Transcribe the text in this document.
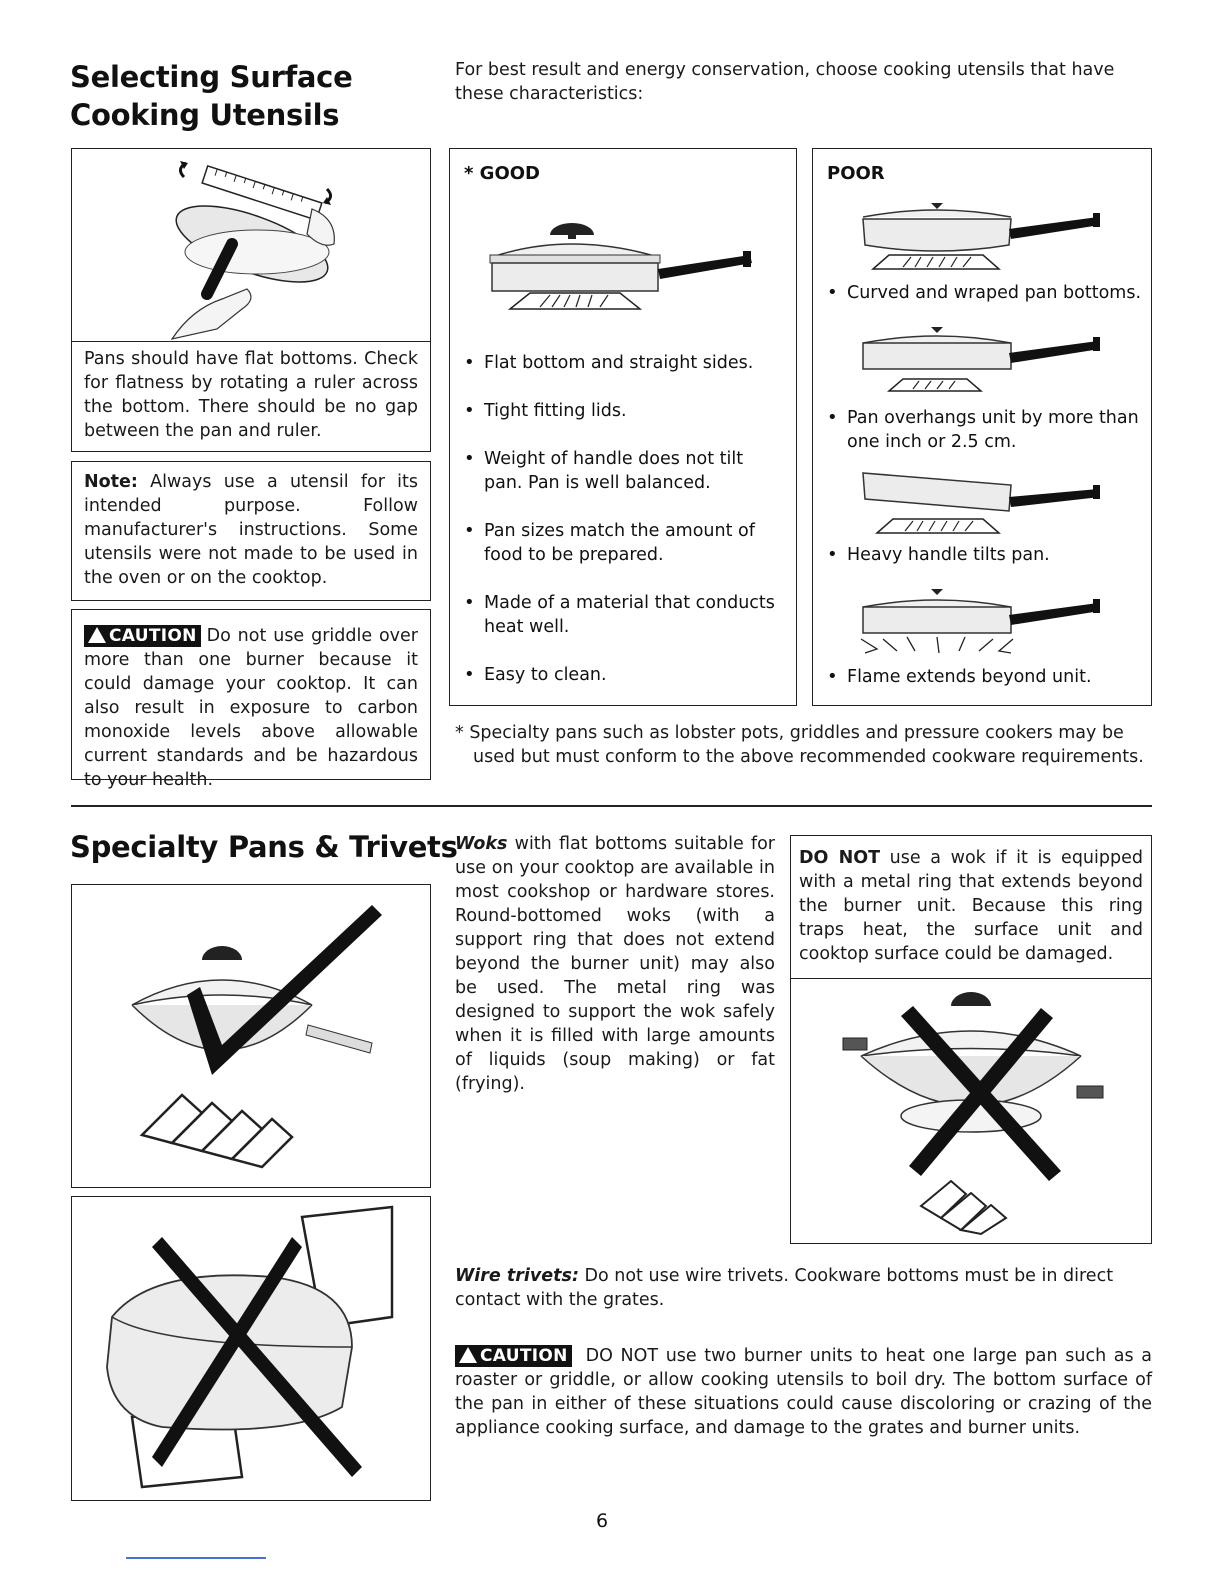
Selecting Surface
Cooking Utensils
For best result and energy conservation, choose cooking utensils that have these characteristics:
Pans should have flat bottoms. Check for flatness by rotating a ruler across the bottom. There should be no gap between the pan and ruler.
Note: Always use a utensil for its intended purpose. Follow manufacturer's instructions. Some utensils were not made to be used in the oven or on the cooktop.
CAUTION Do not use griddle over more than one burner because it could damage your cooktop. It can also result in exposure to carbon monoxide levels above allowable current standards and be hazardous to your health.
* GOOD
• Flat bottom and straight sides.
• Tight fitting lids.
• Weight of handle does not tilt pan. Pan is well balanced.
• Pan sizes match the amount of food to be prepared.
• Made of a material that conducts heat well.
• Easy to clean.
POOR
• Curved and wraped pan bottoms.
• Pan overhangs unit by more than one inch or 2.5 cm.
• Heavy handle tilts pan.
• Flame extends beyond unit.
* Specialty pans such as lobster pots, griddles and pressure cookers may be used but must conform to the above recommended cookware requirements.
Specialty Pans & Trivets
Woks with flat bottoms suitable for use on your cooktop are available in most cookshop or hardware stores. Round-bottomed woks (with a support ring that does not extend beyond the burner unit) may also be used. The metal ring was designed to support the wok safely when it is filled with large amounts of liquids (soup making) or fat (frying).
DO NOT use a wok if it is equipped with a metal ring that extends beyond the burner unit. Because this ring traps heat, the surface unit and cooktop surface could be damaged.
Wire trivets: Do not use wire trivets. Cookware bottoms must be in direct contact with the grates.
CAUTION DO NOT use two burner units to heat one large pan such as a roaster or griddle, or allow cooking utensils to boil dry. The bottom surface of the pan in either of these situations could cause discoloring or crazing of the appliance cooking surface, and damage to the grates and burner units.
6
